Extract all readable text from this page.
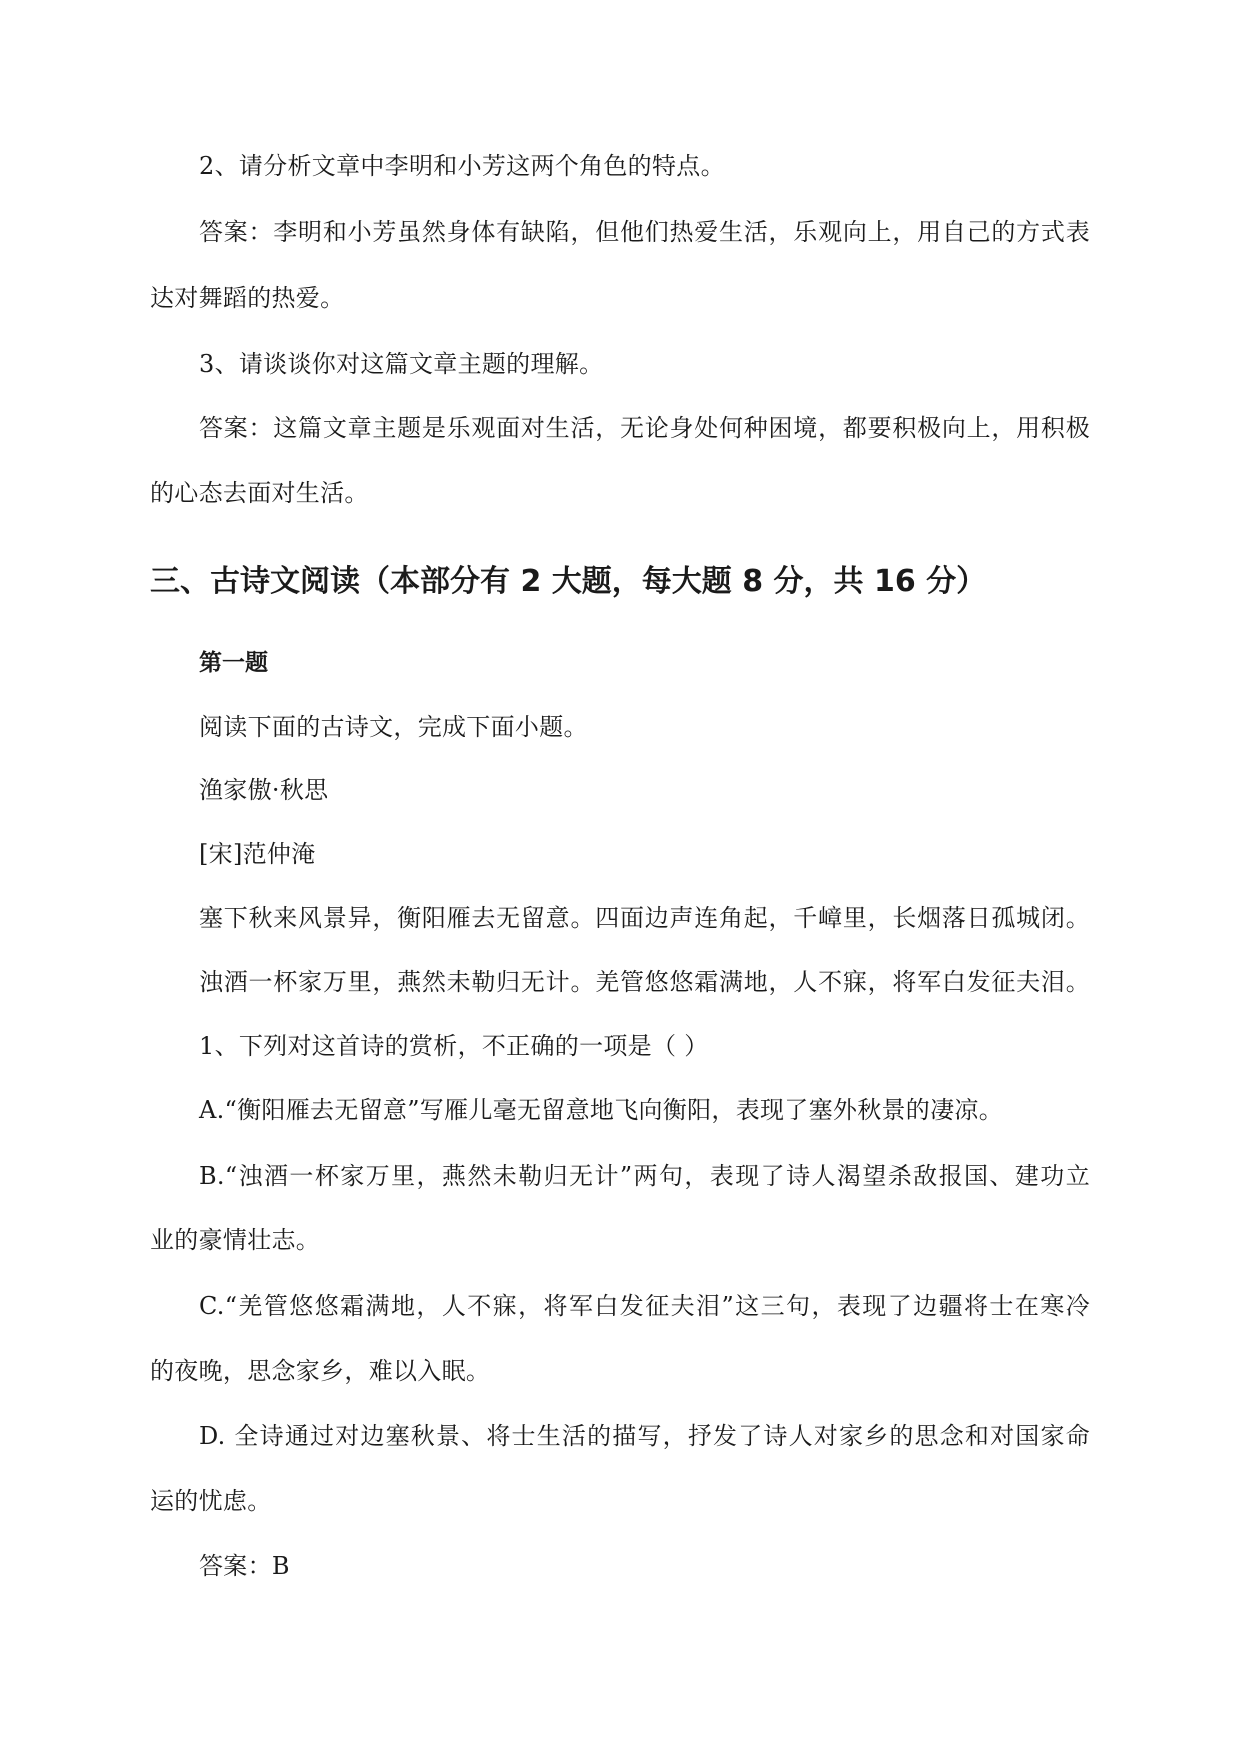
2、请分析文章中李明和小芳这两个角色的特点。
答案：李明和小芳虽然身体有缺陷，但他们热爱生活，乐观向上，用自己的方式表
达对舞蹈的热爱。
3、请谈谈你对这篇文章主题的理解。
答案：这篇文章主题是乐观面对生活，无论身处何种困境，都要积极向上，用积极
的心态去面对生活。
三、古诗文阅读（本部分有 2 大题，每大题 8 分，共 16 分）
第一题
阅读下面的古诗文，完成下面小题。
渔家傲·秋思
[宋]范仲淹
塞下秋来风景异，衡阳雁去无留意。四面边声连角起，千嶂里，长烟落日孤城闭。
浊酒一杯家万里，燕然未勒归无计。羌管悠悠霜满地，人不寐，将军白发征夫泪。
1、下列对这首诗的赏析，不正确的一项是（ ）
A.“衡阳雁去无留意”写雁儿毫无留意地飞向衡阳，表现了塞外秋景的凄凉。
B.“浊酒一杯家万里，燕然未勒归无计”两句，表现了诗人渴望杀敌报国、建功立
业的豪情壮志。
C.“羌管悠悠霜满地，人不寐，将军白发征夫泪”这三句，表现了边疆将士在寒冷
的夜晚，思念家乡，难以入眠。
D. 全诗通过对边塞秋景、将士生活的描写，抒发了诗人对家乡的思念和对国家命
运的忧虑。
答案：B
